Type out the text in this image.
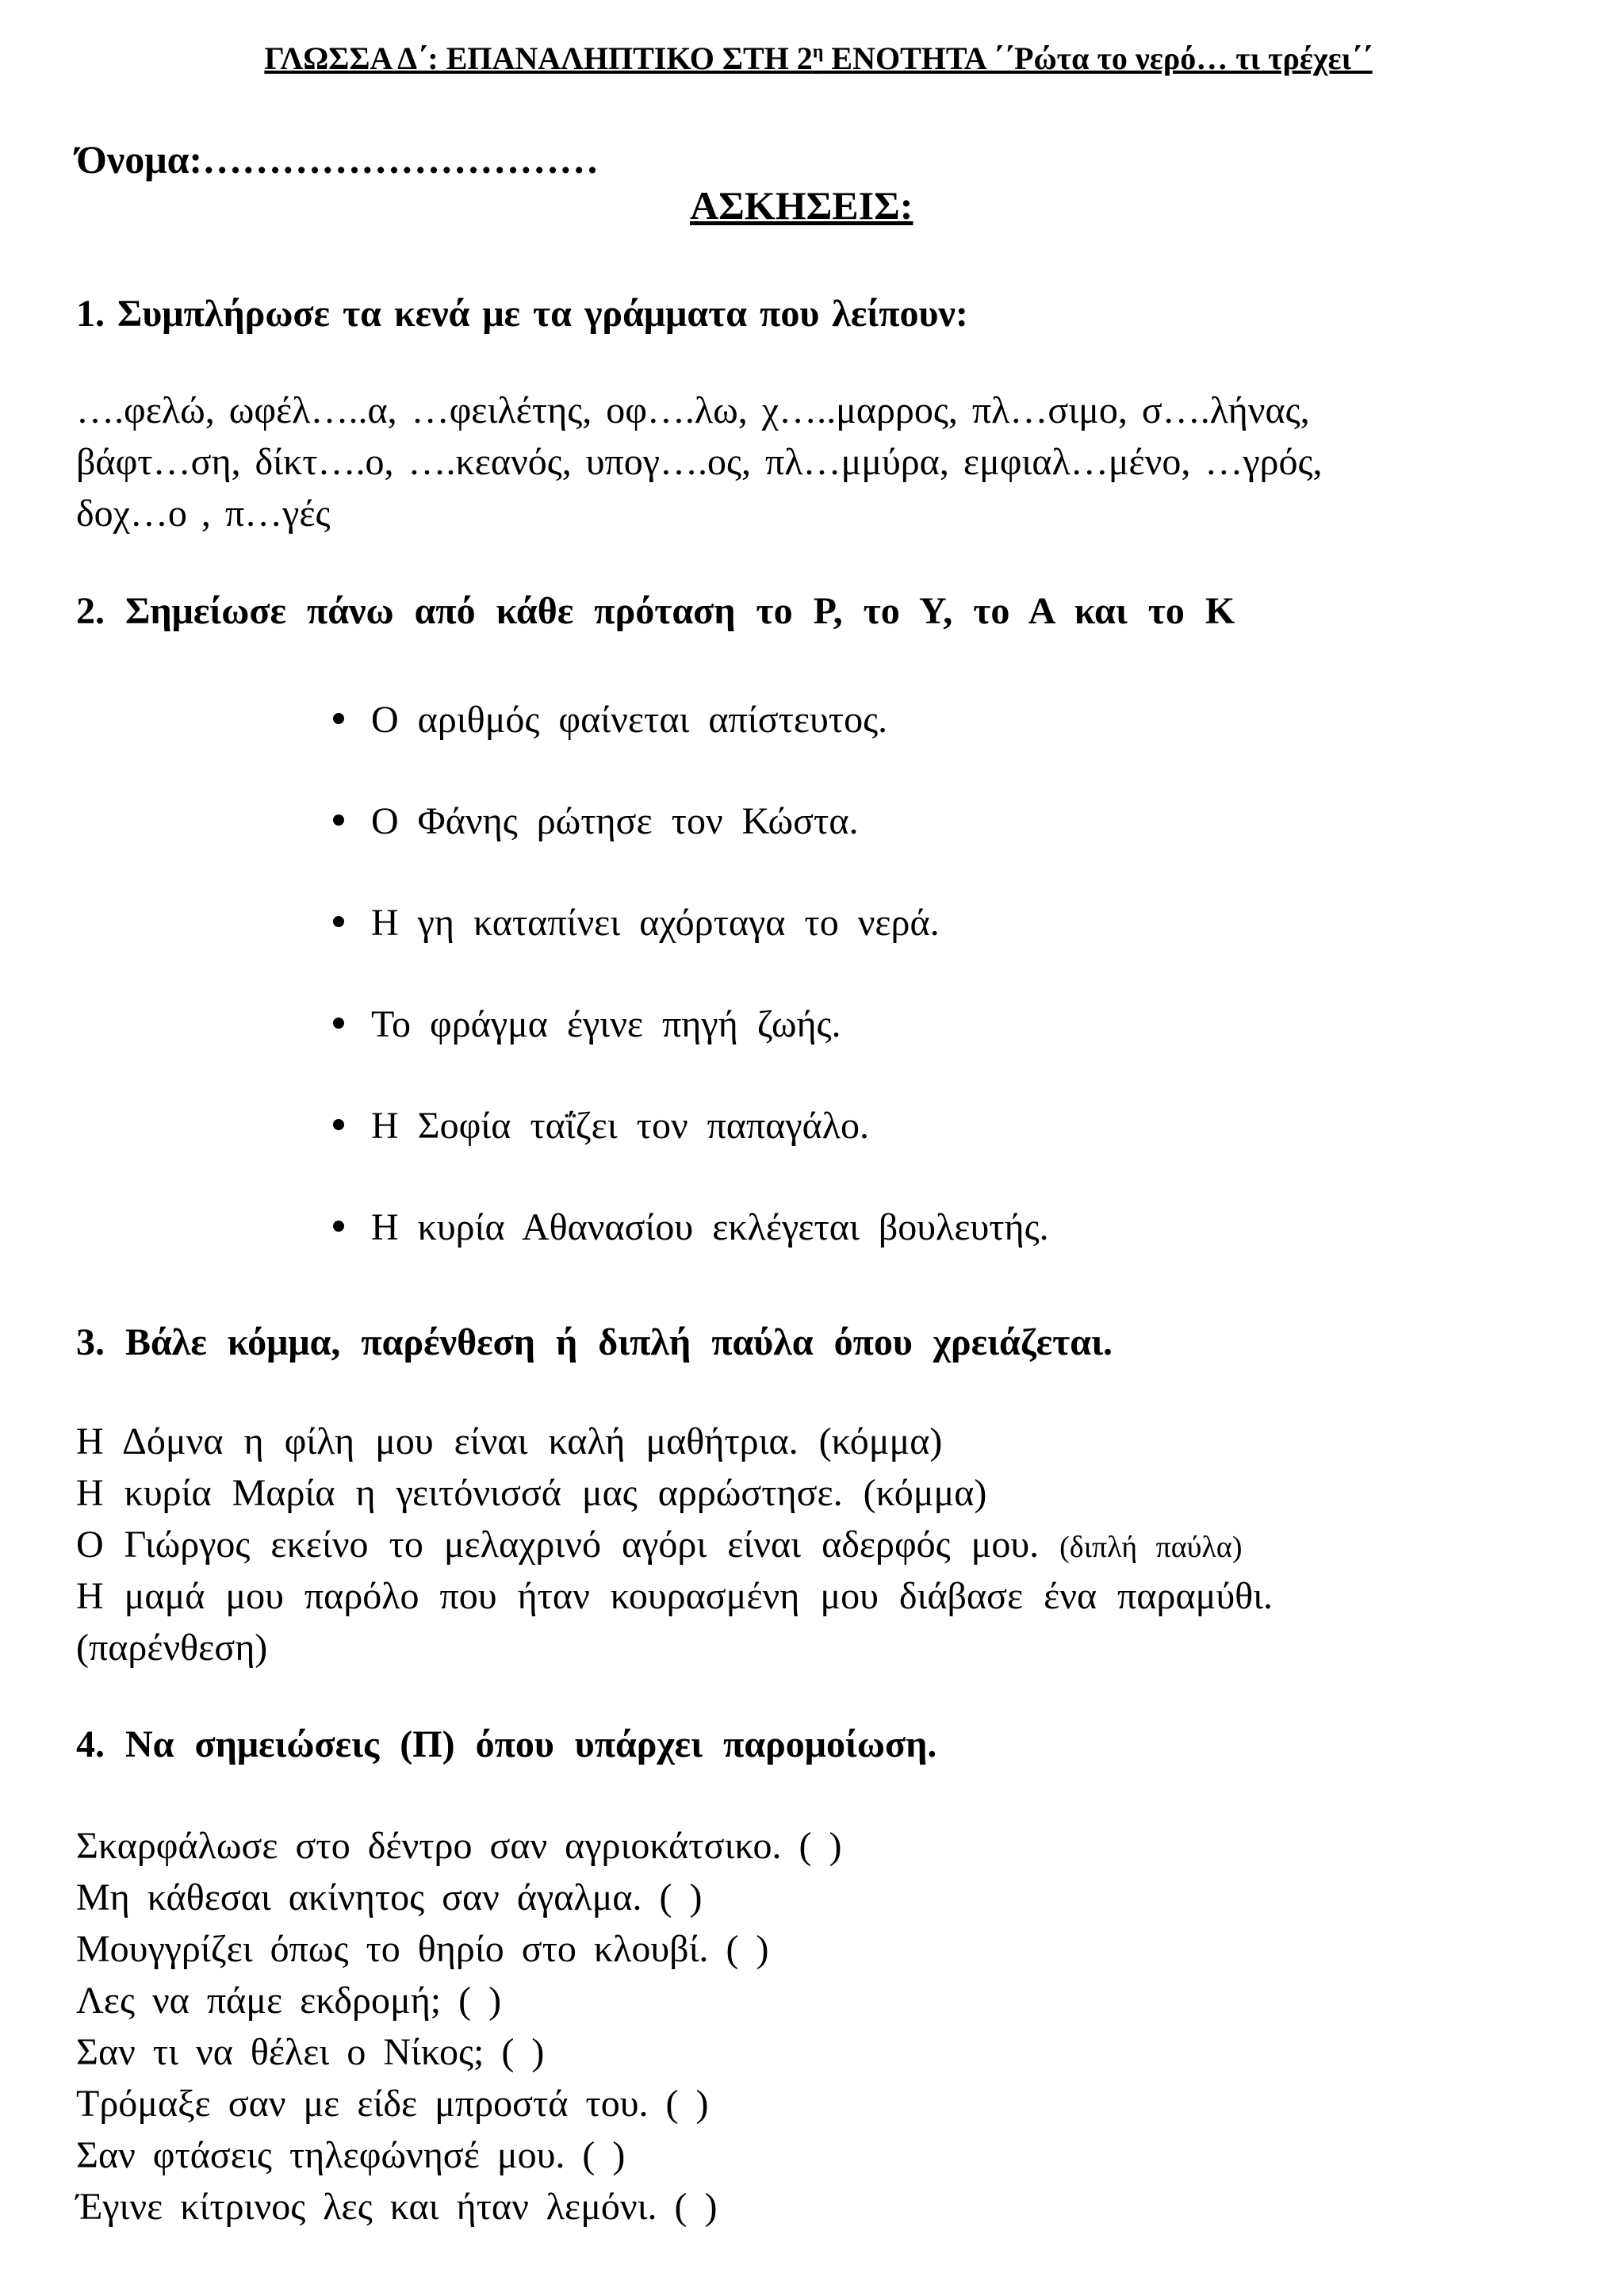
ΓΛΩΣΣΑ Δ΄: ΕΠΑΝΑΛΗΠΤΙΚΟ ΣΤΗ $2^\eta$ ΕΝΟΤΗΤΑ ΄΄Ρώτα το νερό… τι τρέχει΄΄
Όνομα:…………………………
ΑΣΚΗΣΕΙΣ:
1. Συμπλήρωσε τα κενά με τα γράμματα που λείπουν:
….φελώ, ωφέλ…..α, …φειλέτης, οφ….λω, χ…..μαρρος, πλ…σιμο, σ….λήνας,
βάφτ…ση, δίκτ….ο, ….κεανός, υπογ….ος, πλ…μμύρα, εμφιαλ…μένο, …γρός,
δοχ…ο , π…γές
2. Σημείωσε πάνω από κάθε πρόταση το Ρ, το Υ, το Α και το Κ
Ο αριθμός φαίνεται απίστευτος.
Ο Φάνης ρώτησε τον Κώστα.
Η γη καταπίνει αχόρταγα το νερά.
Το φράγμα έγινε πηγή ζωής.
Η Σοφία ταΐζει τον παπαγάλο.
Η κυρία Αθανασίου εκλέγεται βουλευτής.
3. Βάλε κόμμα, παρένθεση ή διπλή παύλα όπου χρειάζεται.
Η Δόμνα η φίλη μου είναι καλή μαθήτρια. (κόμμα)
Η κυρία Μαρία η γειτόνισσά μας αρρώστησε. (κόμμα)
Ο Γιώργος εκείνο το μελαχρινό αγόρι είναι αδερφός μου. (διπλή παύλα)
Η μαμά μου παρόλο που ήταν κουρασμένη μου διάβασε ένα παραμύθι.
(παρένθεση)
4. Να σημειώσεις (Π) όπου υπάρχει παρομοίωση.
Σκαρφάλωσε στο δέντρο σαν αγριοκάτσικο. ( )
Μη κάθεσαι ακίνητος σαν άγαλμα. ( )
Μουγγρίζει όπως το θηρίο στο κλουβί. ( )
Λες να πάμε εκδρομή; ( )
Σαν τι να θέλει ο Νίκος; ( )
Τρόμαξε σαν με είδε μπροστά του. ( )
Σαν φτάσεις τηλεφώνησέ μου. ( )
Έγινε κίτρινος λες και ήταν λεμόνι. ( )
